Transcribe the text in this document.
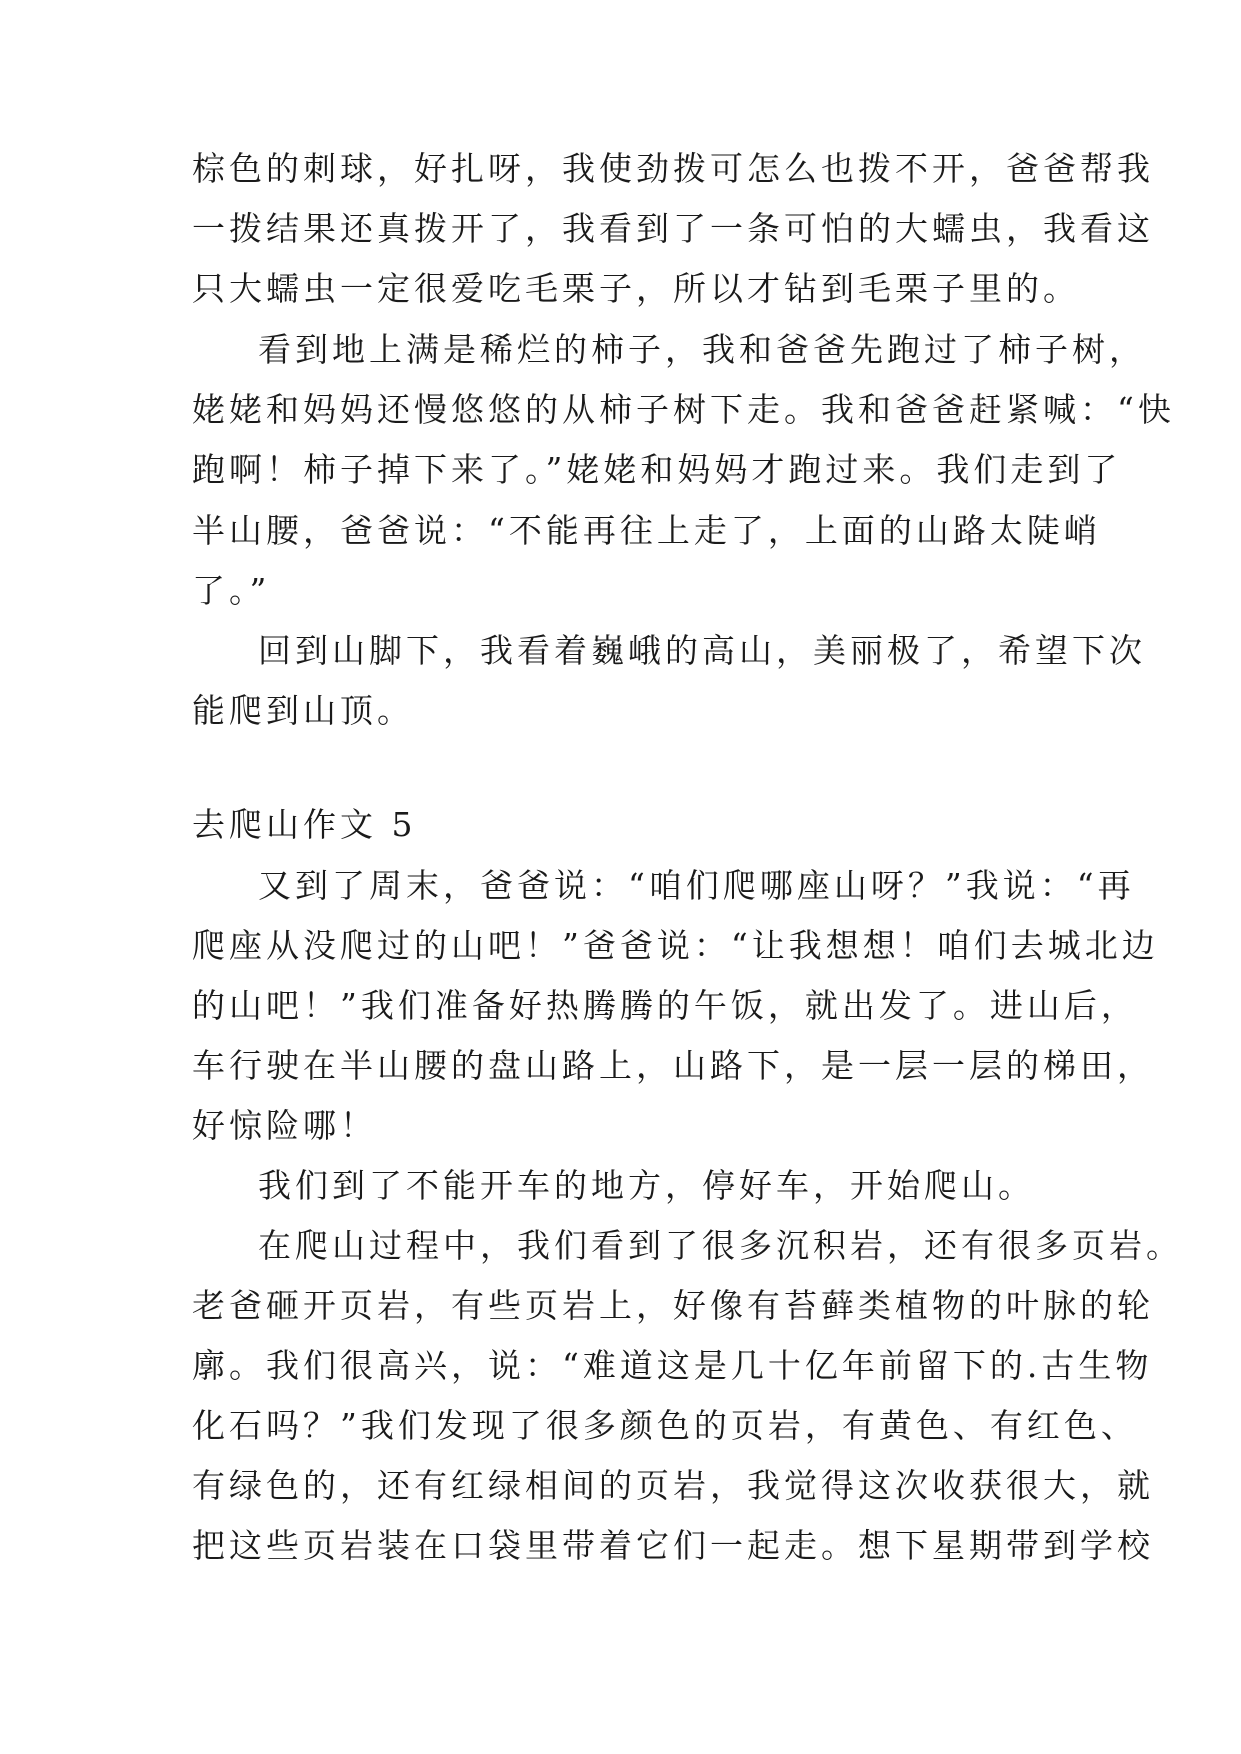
棕色的刺球，好扎呀，我使劲拨可怎么也拨不开，爸爸帮我
一拨结果还真拨开了，我看到了一条可怕的大蠕虫，我看这
只大蠕虫一定很爱吃毛栗子，所以才钻到毛栗子里的。
看到地上满是稀烂的柿子，我和爸爸先跑过了柿子树，
姥姥和妈妈还慢悠悠的从柿子树下走。我和爸爸赶紧喊：“快
跑啊！柿子掉下来了。”姥姥和妈妈才跑过来。我们走到了
半山腰，爸爸说：“不能再往上走了，上面的山路太陡峭
了。”
回到山脚下，我看着巍峨的高山，美丽极了，希望下次
能爬到山顶。
去爬山作文 5
又到了周末，爸爸说：“咱们爬哪座山呀？”我说：“再
爬座从没爬过的山吧！”爸爸说：“让我想想！咱们去城北边
的山吧！”我们准备好热腾腾的午饭，就出发了。进山后，
车行驶在半山腰的盘山路上，山路下，是一层一层的梯田，
好惊险哪！
我们到了不能开车的地方，停好车，开始爬山。
在爬山过程中，我们看到了很多沉积岩，还有很多页岩。
老爸砸开页岩，有些页岩上，好像有苔藓类植物的叶脉的轮
廓。我们很高兴，说：“难道这是几十亿年前留下的.古生物
化石吗？”我们发现了很多颜色的页岩，有黄色、有红色、
有绿色的，还有红绿相间的页岩，我觉得这次收获很大，就
把这些页岩装在口袋里带着它们一起走。想下星期带到学校
